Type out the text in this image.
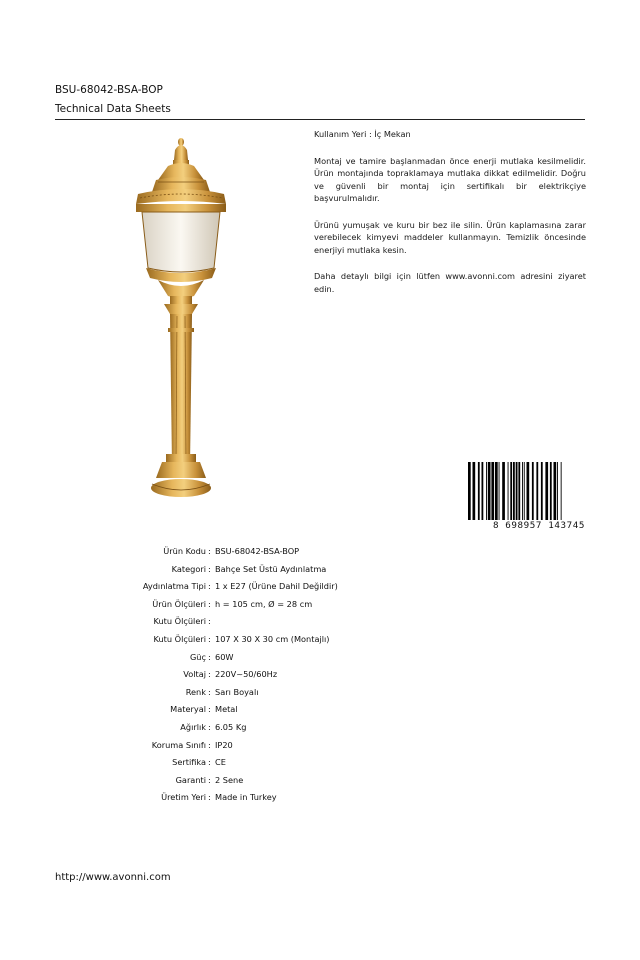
BSU-68042-BSA-BOP
Technical Data Sheets

Kullanım Yeri : İç Mekan

Montaj ve tamire başlanmadan önce enerji mutlaka kesilmelidir. Ürün montajında topraklamaya mutlaka dikkat edilmelidir. Doğru ve güvenli bir montaj için sertifikalı bir elektrikçiye başvurulmalıdır.

Ürünü yumuşak ve kuru bir bez ile silin. Ürün kaplamasına zarar verebilecek kimyevi maddeler kullanmayın. Temizlik öncesinde enerjiyi mutlaka kesin.

Daha detaylı bilgi için lütfen www.avonni.com adresini ziyaret edin.

8 698957 143745
Ürün Kodu : BSU-68042-BSA-BOP
Kategori : Bahçe Set Üstü Aydınlatma
Aydınlatma Tipi : 1 x E27 (Ürüne Dahil Değildir)
Ürün Ölçüleri : h = 105 cm, Ø = 28 cm
Kutu Ölçüleri :
Kutu Ölçüleri : 107 X 30 X 30 cm (Montajlı)
Güç : 60W
Voltaj : 220V~50/60Hz
Renk : Sarı Boyalı
Materyal : Metal
Ağırlık : 6.05 Kg
Koruma Sınıfı : IP20
Sertifika : CE
Garanti : 2 Sene
Üretim Yeri : Made in Turkey
http://www.avonni.com
